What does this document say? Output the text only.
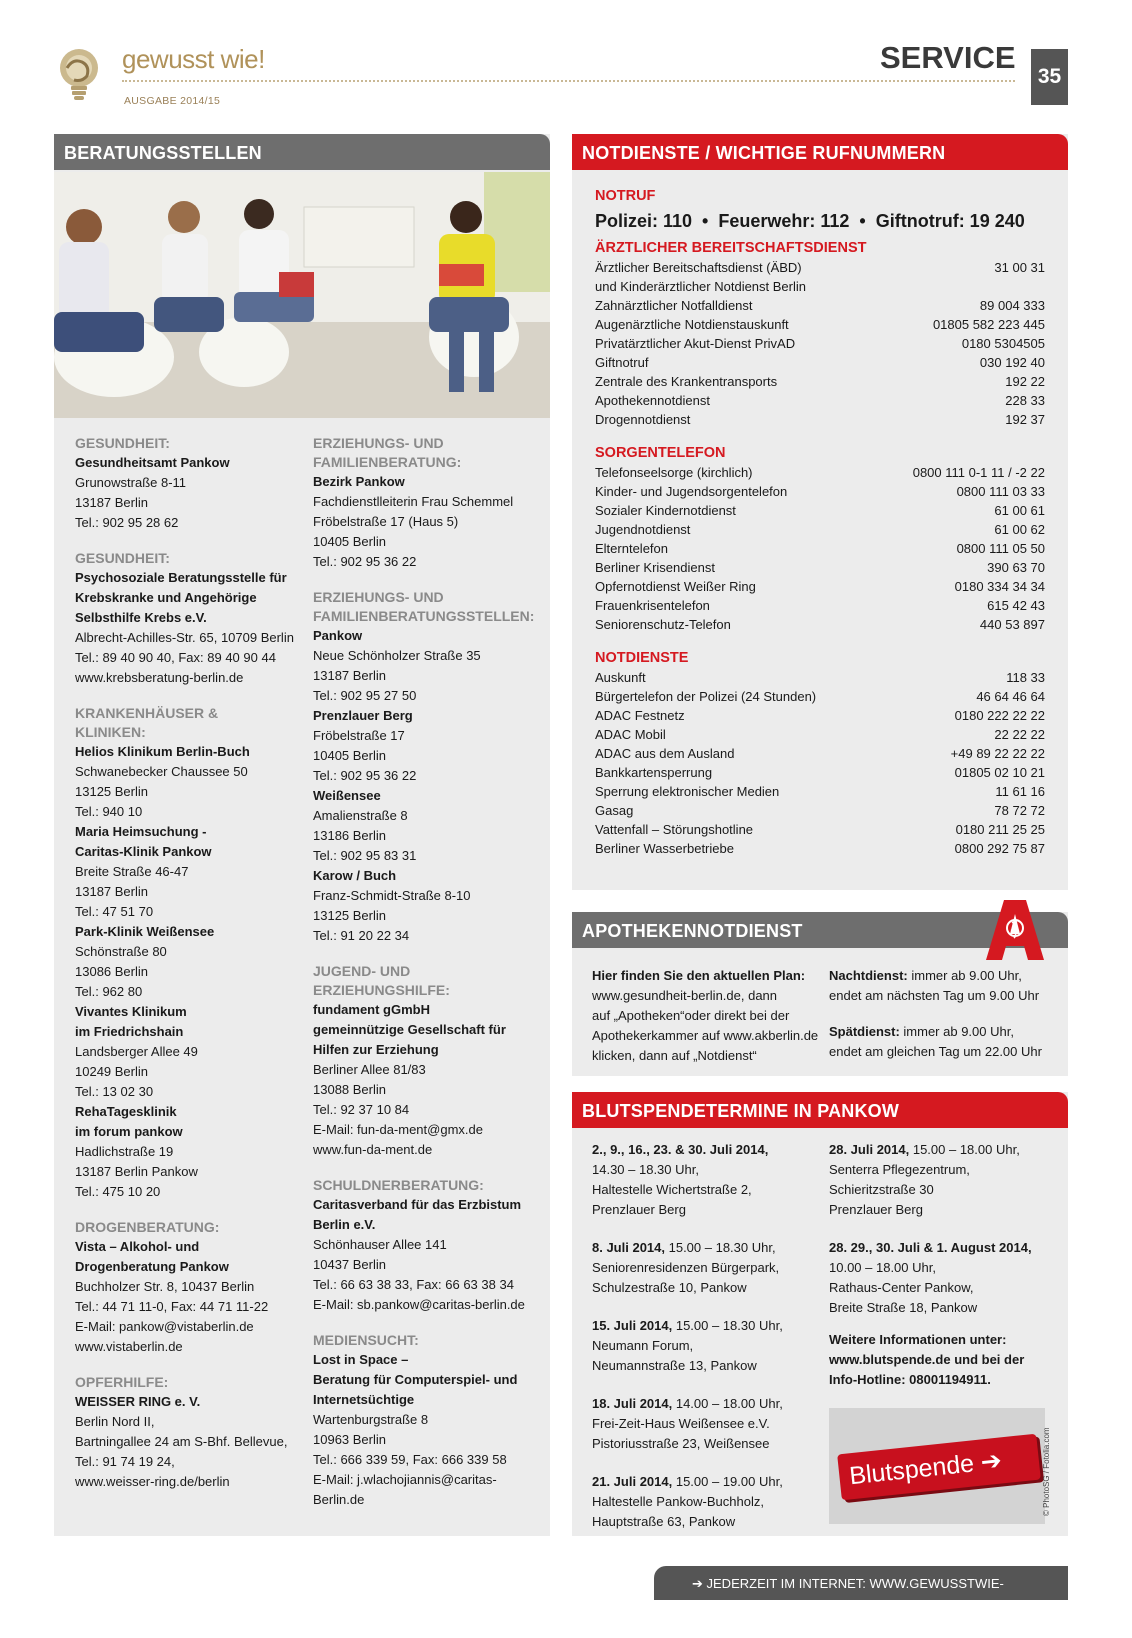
gewusst wie!
AUSGABE 2014/15
SERVICE
35
BERATUNGSSTELLEN
GESUNDHEIT:
Gesundheitsamt Pankow
Grunowstraße 8-11
13187 Berlin
Tel.: 902 95 28 62
GESUNDHEIT:
Psychosoziale Beratungsstelle für
Krebskranke und Angehörige
Selbsthilfe Krebs e.V.
Albrecht-Achilles-Str. 65, 10709 Berlin
Tel.: 89 40 90 40, Fax: 89 40 90 44
www.krebsberatung-berlin.de
KRANKENHÄUSER &
KLINIKEN:
Helios Klinikum Berlin-Buch
Schwanebecker Chaussee 50
13125 Berlin
Tel.: 940 10
Maria Heimsuchung -
Caritas-Klinik Pankow
Breite Straße 46-47
13187 Berlin
Tel.: 47 51 70
Park-Klinik Weißensee
Schönstraße 80
13086 Berlin
Tel.: 962 80
Vivantes Klinikum
im Friedrichshain
Landsberger Allee 49
10249 Berlin
Tel.: 13 02 30
RehaTagesklinik
im forum pankow
Hadlichstraße 19
13187 Berlin Pankow
Tel.: 475 10 20
DROGENBERATUNG:
Vista – Alkohol- und
Drogenberatung Pankow
Buchholzer Str. 8, 10437 Berlin
Tel.: 44 71 11-0, Fax: 44 71 11-22
E-Mail: pankow@vistaberlin.de
www.vistaberlin.de
OPFERHILFE:
WEISSER RING e. V.
Berlin Nord II,
Bartningallee 24 am S-Bhf. Bellevue,
Tel.: 91 74 19 24,
www.weisser-ring.de/berlin
ERZIEHUNGS- UND
FAMILIENBERATUNG:
Bezirk Pankow
Fachdienstlleiterin Frau Schemmel
Fröbelstraße 17 (Haus 5)
10405 Berlin
Tel.: 902 95 36 22
ERZIEHUNGS- UND
FAMILIENBERATUNGSSTELLEN:
Pankow
Neue Schönholzer Straße 35
13187 Berlin
Tel.: 902 95 27 50
Prenzlauer Berg
Fröbelstraße 17
10405 Berlin
Tel.: 902 95 36 22
Weißensee
Amalienstraße 8
13186 Berlin
Tel.: 902 95 83 31
Karow / Buch
Franz-Schmidt-Straße 8-10
13125 Berlin
Tel.: 91 20 22 34
JUGEND- UND
ERZIEHUNGSHILFE:
fundament gGmbH
gemeinnützige Gesellschaft für
Hilfen zur Erziehung
Berliner Allee 81/83
13088 Berlin
Tel.: 92 37 10 84
E-Mail: fun-da-ment@gmx.de
www.fun-da-ment.de
SCHULDNERBERATUNG:
Caritasverband für das Erzbistum
Berlin e.V.
Schönhauser Allee 141
10437 Berlin
Tel.: 66 63 38 33, Fax: 66 63 38 34
E-Mail: sb.pankow@caritas-berlin.de
MEDIENSUCHT:
Lost in Space –
Beratung für Computerspiel- und
Internetsüchtige
Wartenburgstraße 8
10963 Berlin
Tel.: 666 339 59, Fax: 666 339 58
E-Mail: j.wlachojiannis@caritas-Berlin.de
NOTDIENSTE / WICHTIGE RUFNUMMERN
NOTRUF
Polizei: 110  •  Feuerwehr: 112  •  Giftnotruf: 19 240
ÄRZTLICHER BEREITSCHAFTSDIENST
Ärztlicher Bereitschaftsdienst (ÄBD)	31 00 31
und Kinderärztlicher Notdienst Berlin
Zahnärztlicher Notfalldienst	89 004 333
Augenärztliche Notdienstauskunft	01805 582 223 445
Privatärztlicher Akut-Dienst PrivAD	0180 5304505
Giftnotruf	030 192 40
Zentrale des Krankentransports	192 22
Apothekennotdienst	228 33
Drogennotdienst	192 37
SORGENTELEFON
Telefonseelsorge (kirchlich)	0800 111 0-1 11 / -2 22
Kinder- und Jugendsorgentelefon	0800 111 03 33
Sozialer Kindernotdienst	61 00 61
Jugendnotdienst	61 00 62
Elterntelefon	0800 111 05 50
Berliner Krisendienst	390 63 70
Opfernotdienst Weißer Ring	0180 334 34 34
Frauenkrisentelefon	615 42 43
Seniorenschutz-Telefon	440 53 897
NOTDIENSTE
Auskunft	118 33
Bürgertelefon der Polizei (24 Stunden)	46 64 46 64
ADAC Festnetz	0180 222 22 22
ADAC Mobil	22 22 22
ADAC aus dem Ausland	+49 89 22 22 22
Bankkartensperrung	01805 02 10 21
Sperrung elektronischer Medien	11 61 16
Gasag	78 72 72
Vattenfall – Störungshotline	0180 211 25 25
Berliner Wasserbetriebe	0800 292 75 87
APOTHEKENNOTDIENST
Hier finden Sie den aktuellen Plan:
www.gesundheit-berlin.de, dann
auf „Apotheken“oder direkt bei der
Apothekerkammer auf www.akberlin.de
klicken, dann auf „Notdienst“
Nachtdienst: immer ab 9.00 Uhr,
endet am nächsten Tag um 9.00 Uhr
Spätdienst: immer ab 9.00 Uhr,
endet am gleichen Tag um 22.00 Uhr
BLUTSPENDETERMINE IN PANKOW
2., 9., 16., 23. & 30. Juli 2014,
14.30 – 18.30 Uhr,
Haltestelle Wichertstraße 2,
Prenzlauer Berg
8. Juli 2014, 15.00 – 18.30 Uhr,
Seniorenresidenzen Bürgerpark,
Schulzestraße 10, Pankow
15. Juli 2014, 15.00 – 18.30 Uhr,
Neumann Forum,
Neumannstraße 13, Pankow
18. Juli 2014, 14.00 – 18.00 Uhr,
Frei-Zeit-Haus Weißensee e.V.
Pistoriusstraße 23, Weißensee
21. Juli 2014, 15.00 – 19.00 Uhr,
Haltestelle Pankow-Buchholz,
Hauptstraße 63, Pankow
28. Juli 2014, 15.00 – 18.00 Uhr,
Senterra Pflegezentrum,
Schieritzstraße 30
Prenzlauer Berg
28. 29., 30. Juli & 1. August 2014,
10.00 – 18.00 Uhr,
Rathaus-Center Pankow,
Breite Straße 18, Pankow
Weitere Informationen unter:
www.blutspende.de und bei der
Info-Hotline: 08001194911.
Blutspende ➔	© PhotoSG / Fotolia.com
➔ JEDERZEIT IM INTERNET: WWW.GEWUSSTWIE-ONLINE.DE
